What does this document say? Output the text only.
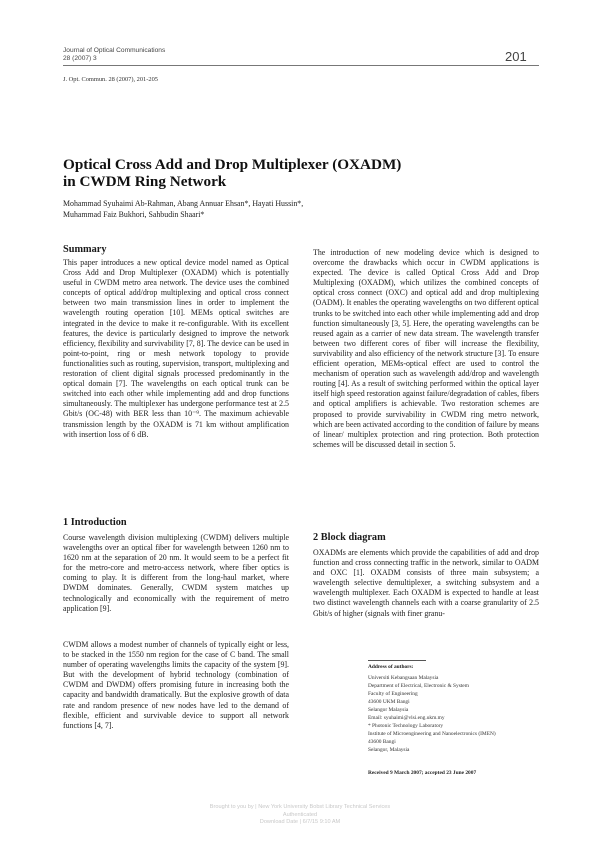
Journal of Optical Communications
28 (2007) 3	201
J. Opt. Commun. 28 (2007), 201-205
Optical Cross Add and Drop Multiplexer (OXADM)
in CWDM Ring Network
Mohammad Syuhaimi Ab-Rahman, Abang Annuar Ehsan*, Hayati Hussin*,
Muhammad Faiz Bukhori, Sahbudin Shaari*
Summary

This paper introduces a new optical device model named as Optical Cross Add and Drop Multiplexer (OXADM) which is potentially useful in CWDM metro area network. The device uses the combined concepts of optical add/drop multiplexing and optical cross connect between two main transmission lines in order to implement the wavelength routing operation [10]. MEMs optical switches are integrated in the device to make it re-configurable. With its excellent features, the device is particularly designed to improve the network efficiency, flexibility and survivability [7, 8]. The device can be used in point-to-point, ring or mesh network topology to provide functionalities such as routing, supervision, transport, multiplexing and restoration of client digital signals processed predominantly in the optical domain [7]. The wavelengths on each optical trunk can be switched into each other while implementing add and drop functions simultaneously. The multiplexer has undergone performance test at 2.5 Gbit/s (OC-48) with BER less than 10⁻⁹. The maximum achievable transmission length by the OXADM is 71 km without amplification with insertion loss of 6 dB.

1 Introduction

Course wavelength division multiplexing (CWDM) delivers multiple wavelengths over an optical fiber for wavelength between 1260 nm to 1620 nm at the separation of 20 nm. It would seem to be a perfect fit for the metro-core and metro-access network, where fiber optics is coming to play. It is different from the long-haul market, where DWDM dominates. Generally, CWDM system matches up technologically and economically with the requirement of metro application [9].

CWDM allows a modest number of channels of typically eight or less, to be stacked in the 1550 nm region for the case of C band. The small number of operating wavelengths limits the capacity of the system [9]. But with the development of hybrid technology (combination of CWDM and DWDM) offers promising future in increasing both the capacity and bandwidth dramatically. But the explosive growth of data rate and random presence of new nodes have led to the demand of flexible, efficient and survivable device to support all network functions [4, 7].

The introduction of new modeling device which is designed to overcome the drawbacks which occur in CWDM applications is expected. The device is called Optical Cross Add and Drop Multiplexing (OXADM), which utilizes the combined concepts of optical cross connect (OXC) and optical add and drop multiplexing (OADM). It enables the operating wavelengths on two different optical trunks to be switched into each other while implementing add and drop function simultaneously [3, 5]. Here, the operating wavelengths can be reused again as a carrier of new data stream. The wavelength transfer between two different cores of fiber will increase the flexibility, survivability and also efficiency of the network structure [3]. To ensure efficient operation, MEMs-optical effect are used to control the mechanism of operation such as wavelength add/drop and wavelength routing [4]. As a result of switching performed within the optical layer itself high speed restoration against failure/degradation of cables, fibers and optical amplifiers is achievable. Two restoration schemes are proposed to provide survivability in CWDM ring metro network, which are been activated according to the condition of failure by means of linear/ multiplex protection and ring protection. Both protection schemes will be discussed detail in section 5.

2 Block diagram

OXADMs are elements which provide the capabilities of add and drop function and cross connecting traffic in the network, similar to OADM and OXC [1]. OXADM consists of three main subsystem; a wavelength selective demultiplexer, a switching subsystem and a wavelength multiplexer. Each OXADM is expected to handle at least two distinct wavelength channels each with a coarse granularity of 2.5 Gbit/s of higher (signals with finer granu-

Address of authors:
Universiti Kebangsaan Malaysia
Department of Electrical, Electronic & System
Faculty of Engineering
43600 UKM Bangi
Selangor Malaysia
Email: syuhaimi@vlsi.eng.ukm.my
* Photonic Technology Laboratory
Institute of Microengineering and Nanoelectronics (IMEN)
43600 Bangi
Selangor, Malaysia
Received 9 March 2007; accepted 23 June 2007
Brought to you by | New York University Bobst Library Technical Services
Authenticated
Download Date | 6/7/15 9:10 AM
